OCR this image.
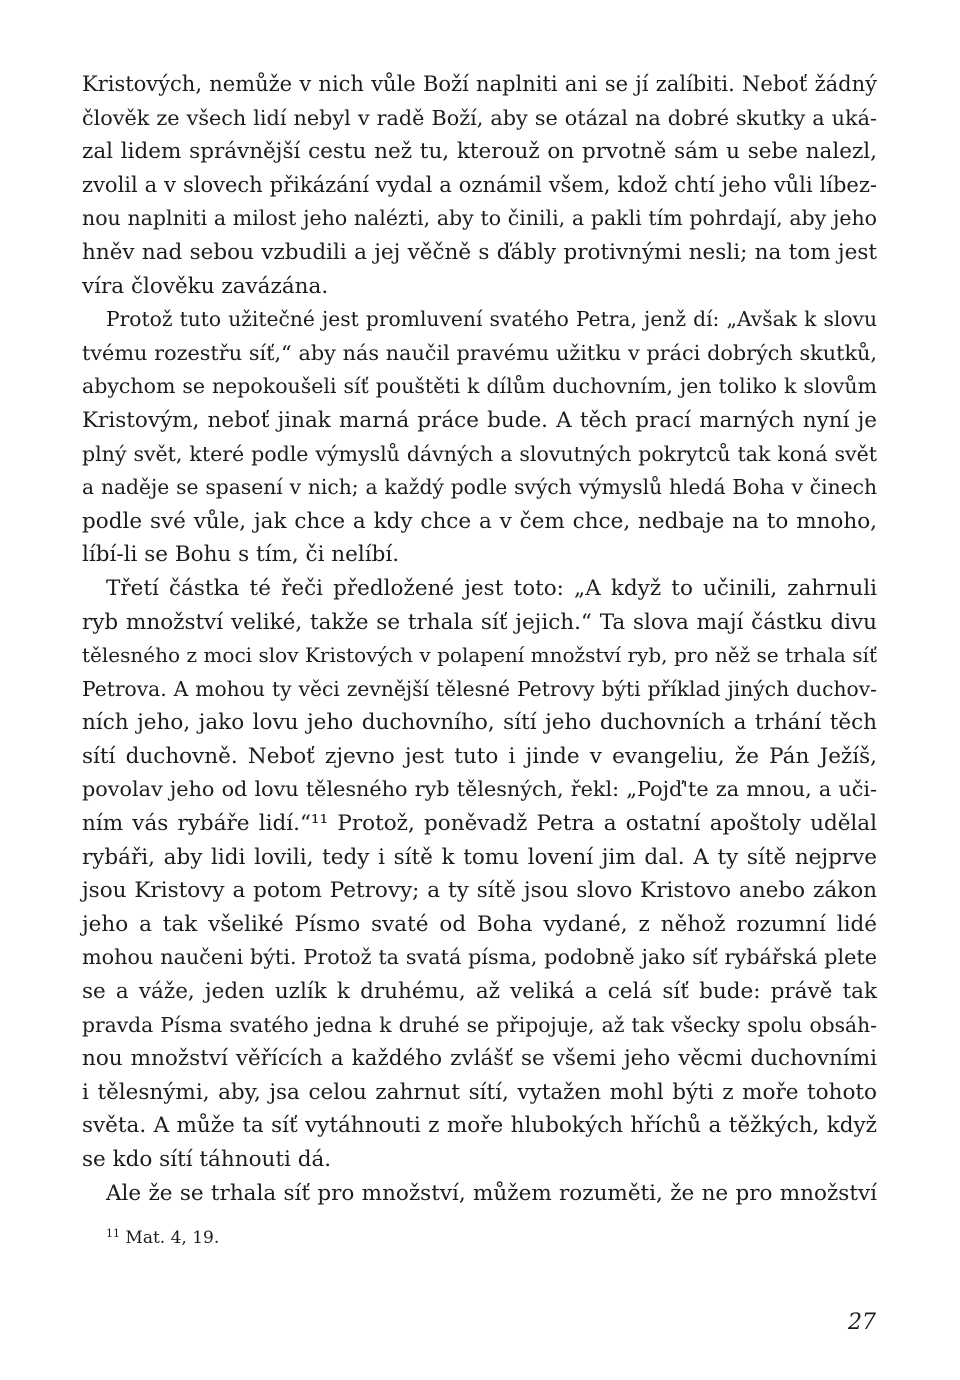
Kristových, nemůže v nich vůle Boží naplniti ani se jí zalíbiti. Neboť žádný
člověk ze všech lidí nebyl v radě Boží, aby se otázal na dobré skutky a uká-
zal lidem správnější cestu než tu, kterouž on prvotně sám u sebe nalezl,
zvolil a v slovech přikázání vydal a oznámil všem, kdož chtí jeho vůli líbez-
nou naplniti a milost jeho nalézti, aby to činili, a pakli tím pohrdají, aby jeho
hněv nad sebou vzbudili a jej věčně s ďábly protivnými nesli; na tom jest
víra člověku zavázána.
Protož tuto užitečné jest promluvení svatého Petra, jenž dí: „Avšak k slovu
tvému rozestřu síť,“ aby nás naučil pravému užitku v práci dobrých skutků,
abychom se nepokoušeli síť pouštěti k dílům duchovním, jen toliko k slovům
Kristovým, neboť jinak marná práce bude. A těch prací marných nyní je
plný svět, které podle výmyslů dávných a slovutných pokrytců tak koná svět
a naděje se spasení v nich; a každý podle svých výmyslů hledá Boha v činech
podle své vůle, jak chce a kdy chce a v čem chce, nedbaje na to mnoho,
líbí-li se Bohu s tím, či nelíbí.
Třetí částka té řeči předložené jest toto: „A když to učinili, zahrnuli
ryb množství veliké, takže se trhala síť jejich.“ Ta slova mají částku divu
tělesného z moci slov Kristových v polapení množství ryb, pro něž se trhala síť
Petrova. A mohou ty věci zevnější tělesné Petrovy býti příklad jiných duchov-
ních jeho, jako lovu jeho duchovního, sítí jeho duchovních a trhání těch
sítí duchovně. Neboť zjevno jest tuto i jinde v evangeliu, že Pán Ježíš,
povolav jeho od lovu tělesného ryb tělesných, řekl: „Pojď'te za mnou, a uči-
ním vás rybáře lidí.“¹¹ Protož, poněvadž Petra a ostatní apoštoly udělal
rybáři, aby lidi lovili, tedy i sítě k tomu lovení jim dal. A ty sítě nejprve
jsou Kristovy a potom Petrovy; a ty sítě jsou slovo Kristovo anebo zákon
jeho a tak všeliké Písmo svaté od Boha vydané, z něhož rozumní lidé
mohou naučeni býti. Protož ta svatá písma, podobně jako síť rybářská plete
se a váže, jeden uzlík k druhému, až veliká a celá síť bude: právě tak
pravda Písma svatého jedna k druhé se připojuje, až tak všecky spolu obsáh-
nou množství věřících a každého zvlášť se všemi jeho věcmi duchovními
i tělesnými, aby, jsa celou zahrnut sítí, vytažen mohl býti z moře tohoto
světa. A může ta síť vytáhnouti z moře hlubokých hříchů a těžkých, když
se kdo sítí táhnouti dá.
Ale že se trhala síť pro množství, můžem rozuměti, že ne pro množství
$^{11}$ Mat. 4, 19.
27
